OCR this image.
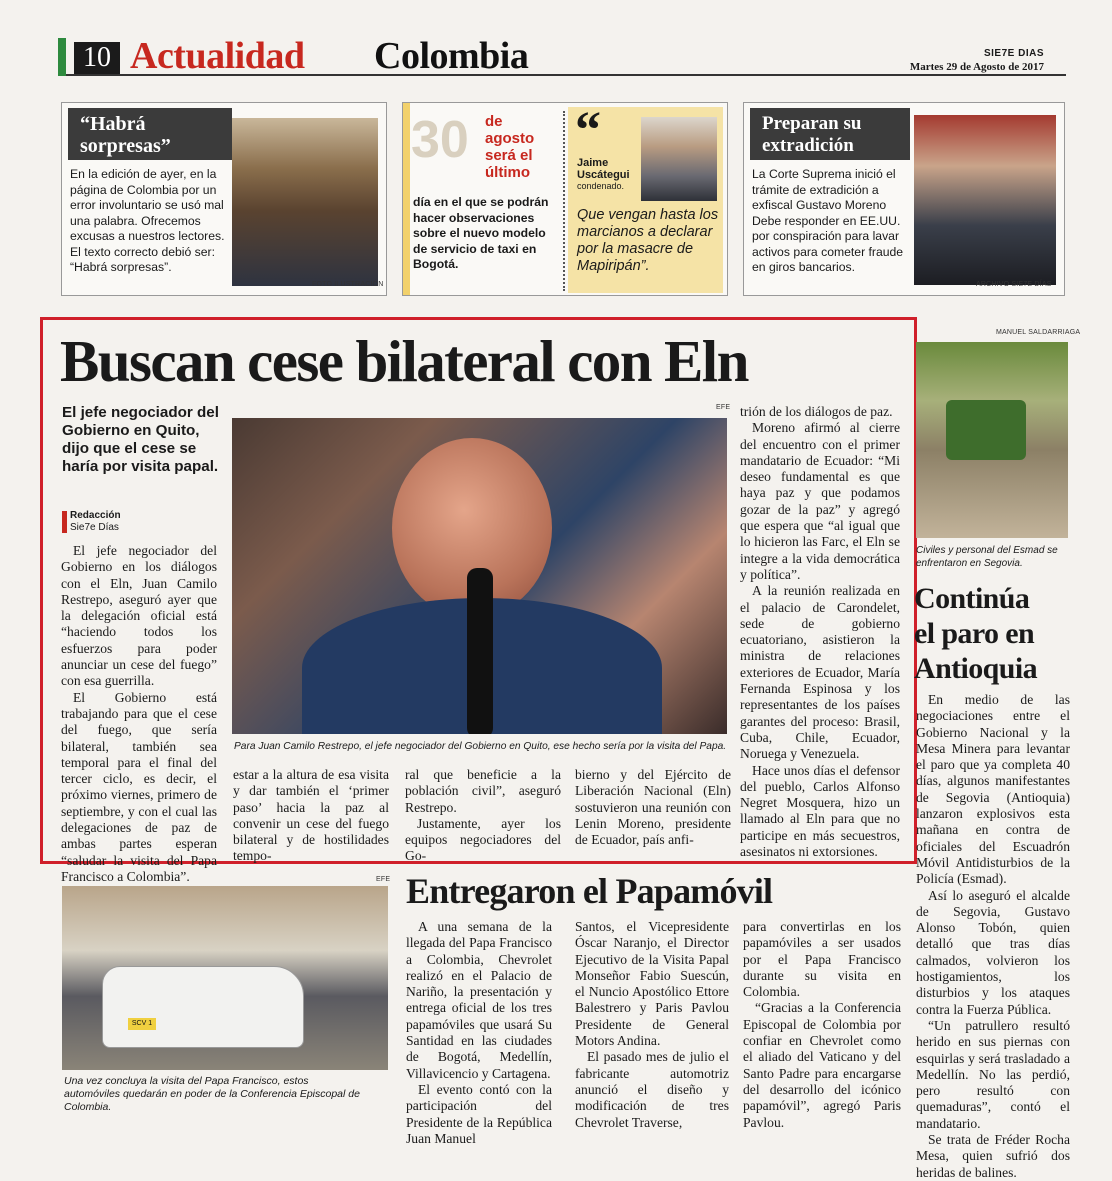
10 Actualidad Colombia	SIE7E DIAS
Martes 29 de Agosto de 2017
“Habrá
sorpresas”
En la edición de ayer, en la página de Colombia por un error involuntario se usó mal una palabra. Ofrecemos excusas a nuestros lectores. El texto correcto debió ser: “Habrá sorpresas”.
FOTO ILUSTRACIÓN
30 de
agosto
será el
último
día en el que se podrán hacer observaciones sobre el nuevo modelo de servicio de taxi en Bogotá.
“
Jaime
Uscátegui
condenado.
Que vengan hasta los marcianos a declarar por la masacre de Mapiripán”.
Preparan su
extradición
La Corte Suprema inició el trámite de extradición a exfiscal Gustavo Moreno Debe responder en EE.UU. por conspiración para lavar activos para cometer fraude en giros bancarios.
ARCHIVO SIE7E DÍAS
Buscan cese bilateral con Eln
El jefe negociador del Gobierno en Quito, dijo que el cese se haría por visita papal.
Redacción
Sie7e Días
EFE
Para Juan Camilo Restrepo, el jefe negociador del Gobierno en Quito, ese hecho sería por la visita del Papa.

El jefe negociador del Gobierno en los diálogos con el Eln, Juan Camilo Restrepo, aseguró ayer que la delegación oficial está “haciendo todos los esfuerzos para poder anunciar un cese del fuego” con esa guerrilla.

El Gobierno está trabajando para que el cese del fuego, que sería bilateral, también sea temporal para el final del tercer ciclo, es decir, el próximo viernes, primero de septiembre, y con el cual las delegaciones de paz de ambas partes esperan “saludar la visita del Papa Francisco a Colombia”.

estar a la altura de esa visita y dar también el ‘primer paso’ hacia la paz al convenir un cese del fuego bilateral y de hostilidades tempo-

ral que beneficie a la población civil”, aseguró Restrepo.

Justamente, ayer los equipos negociadores del Go-

bierno y del Ejército de Liberación Nacional (Eln) sostuvieron una reunión con Lenin Moreno, presidente de Ecuador, país anfi-

trión de los diálogos de paz.

Moreno afirmó al cierre del encuentro con el primer mandatario de Ecuador: “Mi deseo fundamental es que haya paz y que podamos gozar de la paz” y agregó que espera que “al igual que lo hicieron las Farc, el Eln se integre a la vida democrática y política”.

A la reunión realizada en el palacio de Carondelet, sede de gobierno ecuatoriano, asistieron la ministra de relaciones exteriores de Ecuador, María Fernanda Espinosa y los representantes de los países garantes del proceso: Brasil, Cuba, Chile, Ecuador, Noruega y Venezuela.

Hace unos días el defensor del pueblo, Carlos Alfonso Negret Mosquera, hizo un llamado al Eln para que no participe en más secuestros, asesinatos ni extorsiones.

MANUEL SALDARRIAGA
Civiles y personal del Esmad se enfrentaron en Segovia.
Continúa
el paro en
Antioquia

En medio de las negociaciones entre el Gobierno Nacional y la Mesa Minera para levantar el paro que ya completa 40 días, algunos manifestantes de Segovia (Antioquia) lanzaron explosivos esta mañana en contra de oficiales del Escuadrón Móvil Antidisturbios de la Policía (Esmad).

Así lo aseguró el alcalde de Segovia, Gustavo Alonso Tobón, quien detalló que tras días calmados, volvieron los hostigamientos, los disturbios y los ataques contra la Fuerza Pública.

“Un patrullero resultó herido en sus piernas con esquirlas y será trasladado a Medellín. No las perdió, pero resultó con quemaduras”, contó el mandatario.

Se trata de Fréder Rocha Mesa, quien sufrió dos heridas de balines.

EFE
SCV 1
Una vez concluya la visita del Papa Francisco, estos automóviles quedarán en poder de la Conferencia Episcopal de Colombia.
Entregaron el Papamóvil

A una semana de la llegada del Papa Francisco a Colombia, Chevrolet realizó en el Palacio de Nariño, la presentación y entrega oficial de los tres papamóviles que usará Su Santidad en las ciudades de Bogotá, Medellín, Villavicencio y Cartagena.

El evento contó con la participación del Presidente de la República Juan Manuel

Santos, el Vicepresidente Óscar Naranjo, el Director Ejecutivo de la Visita Papal Monseñor Fabio Suescún, el Nuncio Apostólico Ettore Balestrero y Paris Pavlou Presidente de General Motors Andina.

El pasado mes de julio el fabricante automotriz anunció el diseño y modificación de tres Chevrolet Traverse,

para convertirlas en los papamóviles a ser usados por el Papa Francisco durante su visita en Colombia.

“Gracias a la Conferencia Episcopal de Colombia por confiar en Chevrolet como el aliado del Vaticano y del Santo Padre para encargarse del desarrollo del icónico papamóvil”, agregó Paris Pavlou.
